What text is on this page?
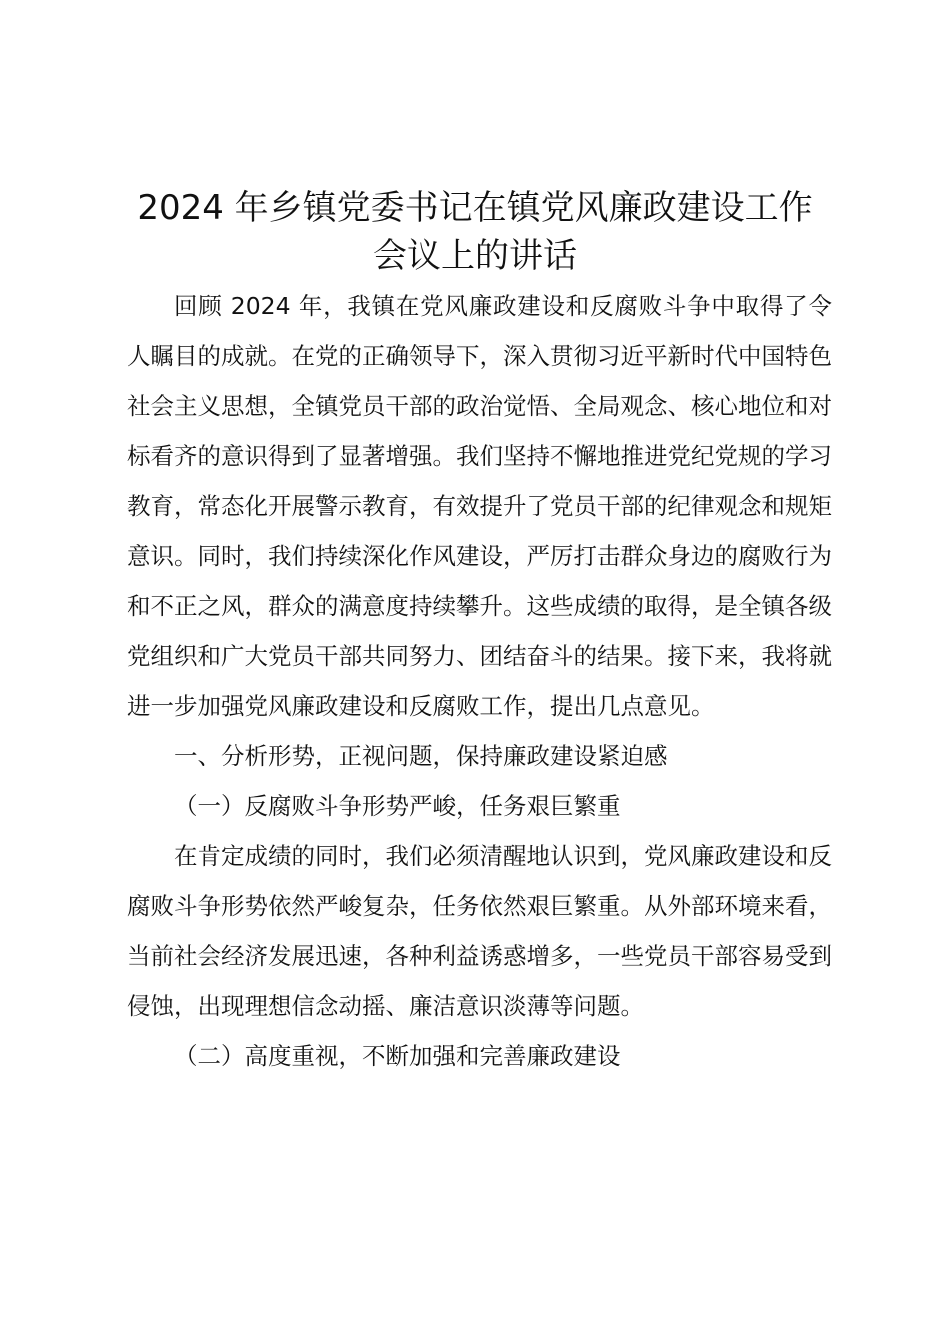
2024 年乡镇党委书记在镇党风廉政建设工作
会议上的讲话

回顾 2024 年，我镇在党风廉政建设和反腐败斗争中取得了令人瞩目的成就。在党的正确领导下，深入贯彻习近平新时代中国特色社会主义思想，全镇党员干部的政治觉悟、全局观念、核心地位和对标看齐的意识得到了显著增强。我们坚持不懈地推进党纪党规的学习教育，常态化开展警示教育，有效提升了党员干部的纪律观念和规矩意识。同时，我们持续深化作风建设，严厉打击群众身边的腐败行为和不正之风，群众的满意度持续攀升。这些成绩的取得，是全镇各级党组织和广大党员干部共同努力、团结奋斗的结果。接下来，我将就进一步加强党风廉政建设和反腐败工作，提出几点意见。

一、分析形势，正视问题，保持廉政建设紧迫感

（一）反腐败斗争形势严峻，任务艰巨繁重

在肯定成绩的同时，我们必须清醒地认识到，党风廉政建设和反腐败斗争形势依然严峻复杂，任务依然艰巨繁重。从外部环境来看，当前社会经济发展迅速，各种利益诱惑增多，一些党员干部容易受到侵蚀，出现理想信念动摇、廉洁意识淡薄等问题。

（二）高度重视，不断加强和完善廉政建设
